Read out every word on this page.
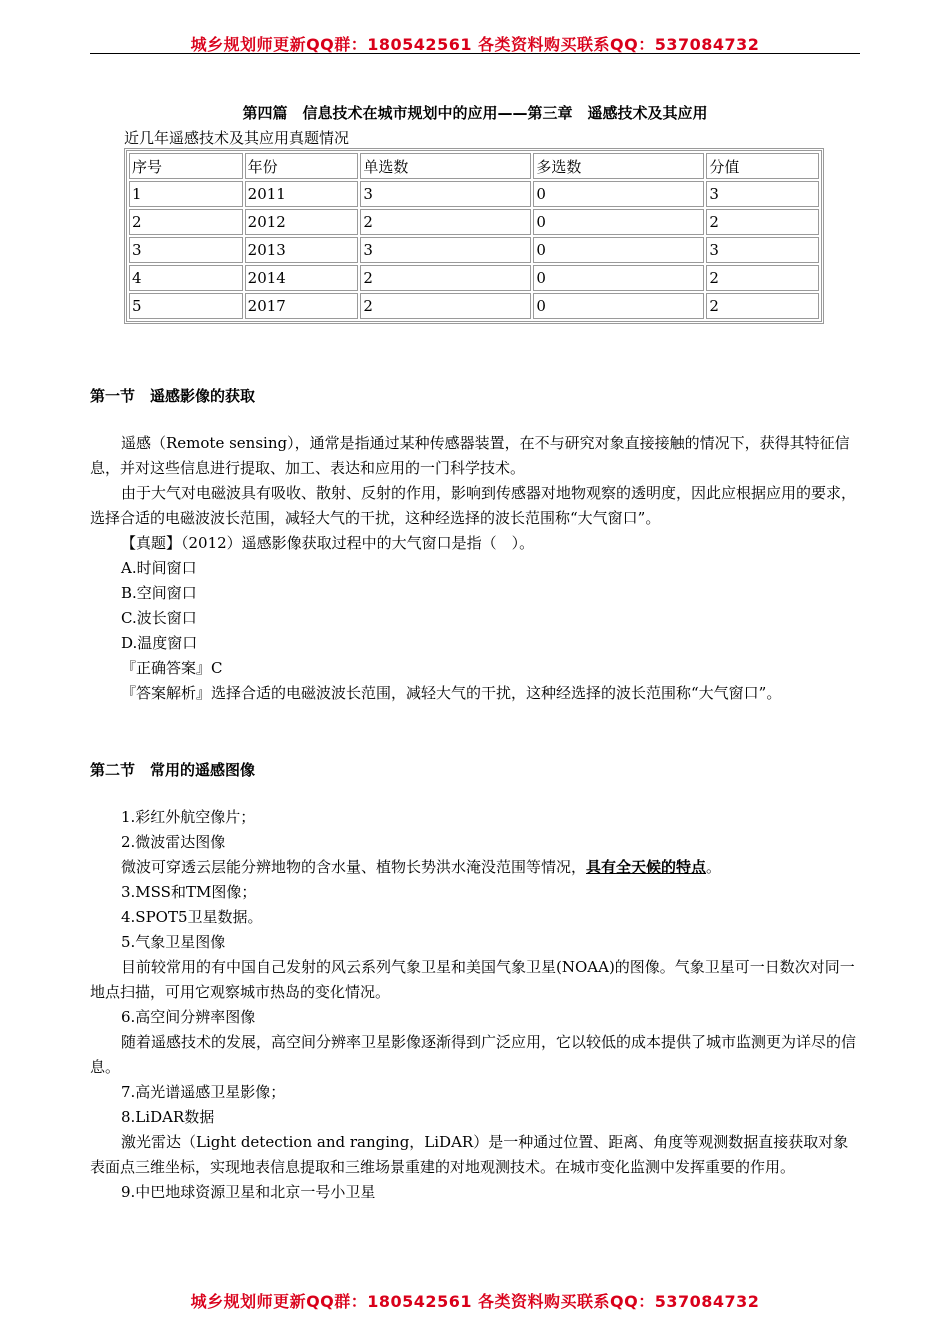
城乡规划师更新QQ群：180542561 各类资料购买联系QQ：537084732
第四篇　信息技术在城市规划中的应用——第三章　遥感技术及其应用
近几年遥感技术及其应用真题情况
序号	年份	单选数	多选数	分值
1	2011	3	0	3
2	2012	2	0	2
3	2013	3	0	3
4	2014	2	0	2
5	2017	2	0	2
第一节　遥感影像的获取

遥感（Remote sensing），通常是指通过某种传感器装置，在不与研究对象直接接触的情况下，获得其特征信息，并对这些信息进行提取、加工、表达和应用的一门科学技术。

由于大气对电磁波具有吸收、散射、反射的作用，影响到传感器对地物观察的透明度，因此应根据应用的要求，选择合适的电磁波波长范围，减轻大气的干扰，这种经选择的波长范围称“大气窗口”。

【真题】（2012）遥感影像获取过程中的大气窗口是指（　）。

A.时间窗口

B.空间窗口

C.波长窗口

D.温度窗口

『正确答案』C

『答案解析』选择合适的电磁波波长范围，减轻大气的干扰，这种经选择的波长范围称“大气窗口”。

第二节　常用的遥感图像

1.彩红外航空像片；

2.微波雷达图像

微波可穿透云层能分辨地物的含水量、植物长势洪水淹没范围等情况，具有全天候的特点。

3.MSS和TM图像；

4.SPOT5卫星数据。

5.气象卫星图像

目前较常用的有中国自己发射的风云系列气象卫星和美国气象卫星(NOAA)的图像。气象卫星可一日数次对同一地点扫描，可用它观察城市热岛的变化情况。

6.高空间分辨率图像

随着遥感技术的发展，高空间分辨率卫星影像逐渐得到广泛应用，它以较低的成本提供了城市监测更为详尽的信息。

7.高光谱遥感卫星影像；

8.LiDAR数据

激光雷达（Light detection and ranging，LiDAR）是一种通过位置、距离、角度等观测数据直接获取对象表面点三维坐标，实现地表信息提取和三维场景重建的对地观测技术。在城市变化监测中发挥重要的作用。

9.中巴地球资源卫星和北京一号小卫星

城乡规划师更新QQ群：180542561 各类资料购买联系QQ：537084732
